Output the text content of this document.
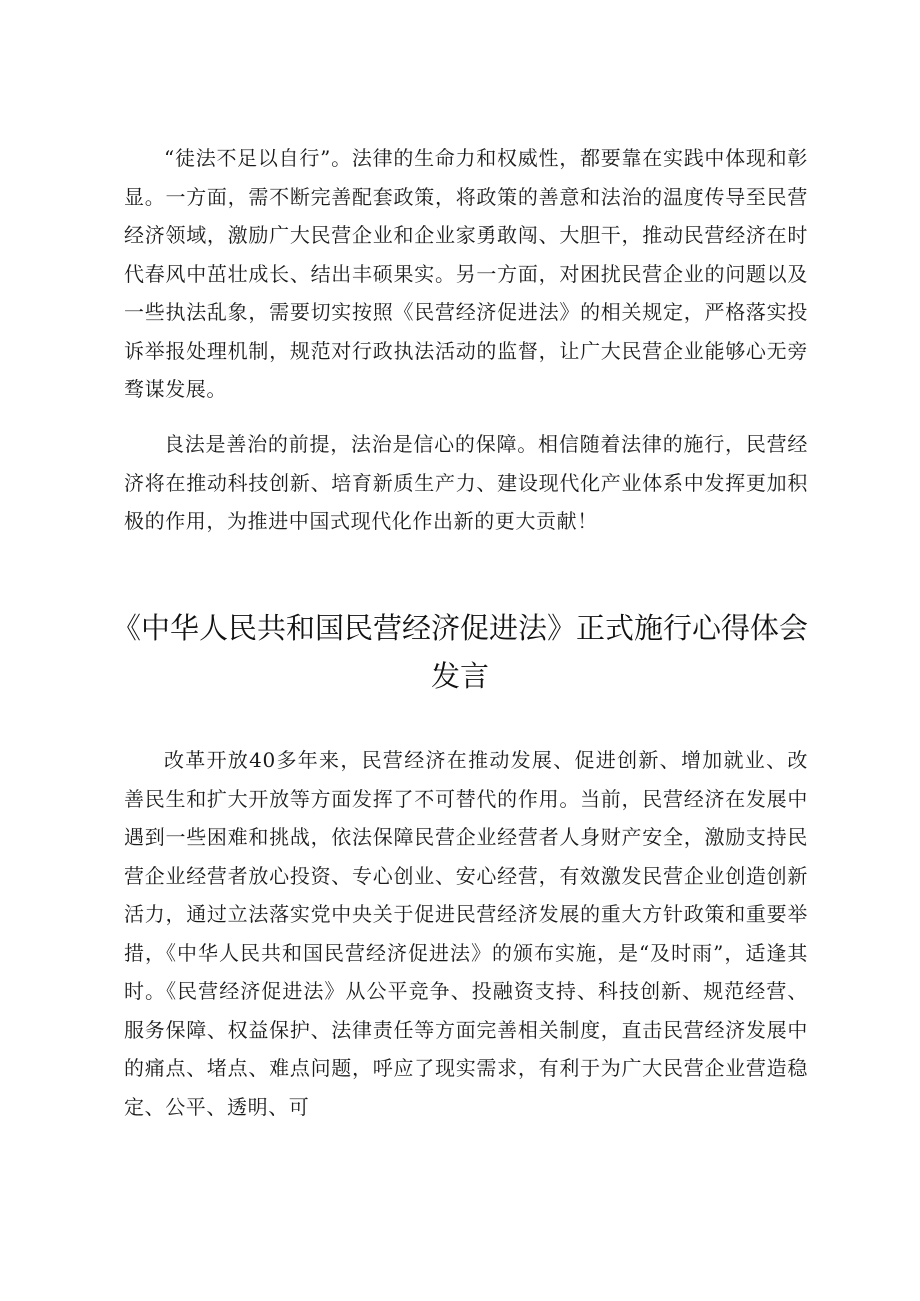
“徒法不足以自行”。法律的生命力和权威性，都要靠在实践中体现和彰显。一方面，需不断完善配套政策，将政策的善意和法治的温度传导至民营经济领域，激励广大民营企业和企业家勇敢闯、大胆干，推动民营经济在时代春风中茁壮成长、结出丰硕果实。另一方面，对困扰民营企业的问题以及一些执法乱象，需要切实按照《民营经济促进法》的相关规定，严格落实投诉举报处理机制，规范对行政执法活动的监督，让广大民营企业能够心无旁骛谋发展。

良法是善治的前提，法治是信心的保障。相信随着法律的施行，民营经济将在推动科技创新、培育新质生产力、建设现代化产业体系中发挥更加积极的作用，为推进中国式现代化作出新的更大贡献！

《中华人民共和国民营经济促进法》正式施行心得体会
发言

改革开放40多年来，民营经济在推动发展、促进创新、增加就业、改善民生和扩大开放等方面发挥了不可替代的作用。当前，民营经济在发展中遇到一些困难和挑战，依法保障民营企业经营者人身财产安全，激励支持民营企业经营者放心投资、专心创业、安心经营，有效激发民营企业创造创新活力，通过立法落实党中央关于促进民营经济发展的重大方针政策和重要举措，《中华人民共和国民营经济促进法》的颁布实施，是“及时雨”，适逢其时。《民营经济促进法》从公平竞争、投融资支持、科技创新、规范经营、服务保障、权益保护、法律责任等方面完善相关制度，直击民营经济发展中的痛点、堵点、难点问题，呼应了现实需求，有利于为广大民营企业营造稳定、公平、透明、可
